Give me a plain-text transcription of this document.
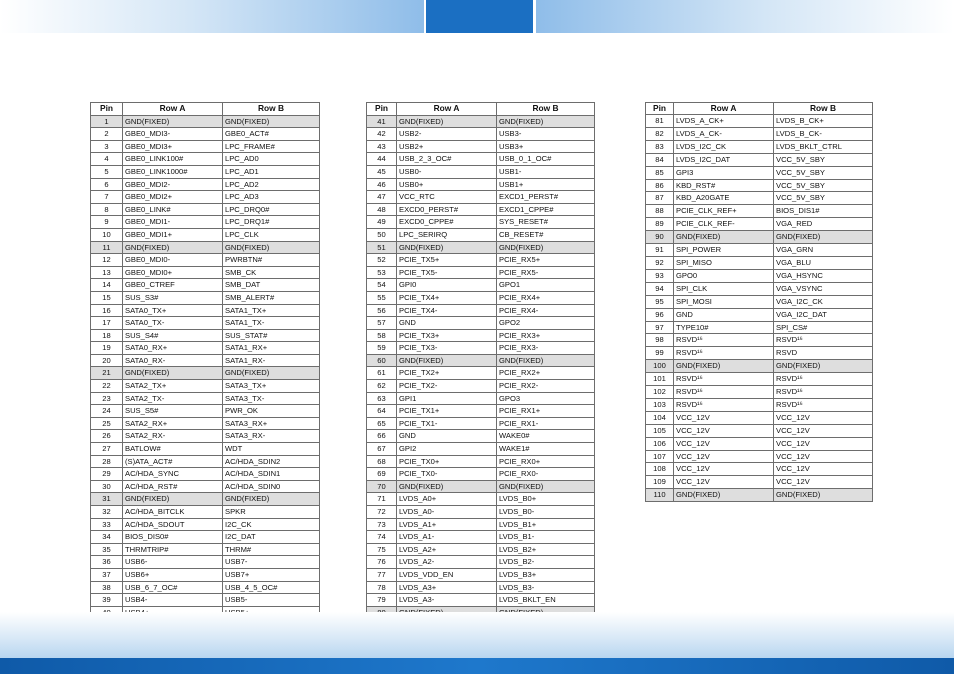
Pin	Row A	Row B
1	GND(FIXED)	GND(FIXED)
2	GBE0_MDI3-	GBE0_ACT#
3	GBE0_MDI3+	LPC_FRAME#
4	GBE0_LINK100#	LPC_AD0
5	GBE0_LINK1000#	LPC_AD1
6	GBE0_MDI2-	LPC_AD2
7	GBE0_MDI2+	LPC_AD3
8	GBE0_LINK#	LPC_DRQ0#
9	GBE0_MDI1-	LPC_DRQ1#
10	GBE0_MDI1+	LPC_CLK
11	GND(FIXED)	GND(FIXED)
12	GBE0_MDI0-	PWRBTN#
13	GBE0_MDI0+	SMB_CK
14	GBE0_CTREF	SMB_DAT
15	SUS_S3#	SMB_ALERT#
16	SATA0_TX+	SATA1_TX+
17	SATA0_TX-	SATA1_TX-
18	SUS_S4#	SUS_STAT#
19	SATA0_RX+	SATA1_RX+
20	SATA0_RX-	SATA1_RX-
21	GND(FIXED)	GND(FIXED)
22	SATA2_TX+	SATA3_TX+
23	SATA2_TX-	SATA3_TX-
24	SUS_S5#	PWR_OK
25	SATA2_RX+	SATA3_RX+
26	SATA2_RX-	SATA3_RX-
27	BATLOW#	WDT
28	(S)ATA_ACT#	AC/HDA_SDIN2
29	AC/HDA_SYNC	AC/HDA_SDIN1
30	AC/HDA_RST#	AC/HDA_SDIN0
31	GND(FIXED)	GND(FIXED)
32	AC/HDA_BITCLK	SPKR
33	AC/HDA_SDOUT	I2C_CK
34	BIOS_DIS0#	I2C_DAT
35	THRMTRIP#	THRM#
36	USB6-	USB7-
37	USB6+	USB7+
38	USB_6_7_OC#	USB_4_5_OC#
39	USB4-	USB5-

Pin	Row A	Row B
41	GND(FIXED)	GND(FIXED)
42	USB2-	USB3-
43	USB2+	USB3+
44	USB_2_3_OC#	USB_0_1_OC#
45	USB0-	USB1-
46	USB0+	USB1+
47	VCC_RTC	EXCD1_PERST#
48	EXCD0_PERST#	EXCD1_CPPE#
49	EXCD0_CPPE#	SYS_RESET#
50	LPC_SERIRQ	CB_RESET#
51	GND(FIXED)	GND(FIXED)
52	PCIE_TX5+	PCIE_RX5+
53	PCIE_TX5-	PCIE_RX5-
54	GPI0	GPO1
55	PCIE_TX4+	PCIE_RX4+
56	PCIE_TX4-	PCIE_RX4-
57	GND	GPO2
58	PCIE_TX3+	PCIE_RX3+
59	PCIE_TX3-	PCIE_RX3-
60	GND(FIXED)	GND(FIXED)
61	PCIE_TX2+	PCIE_RX2+
62	PCIE_TX2-	PCIE_RX2-
63	GPI1	GPO3
64	PCIE_TX1+	PCIE_RX1+
65	PCIE_TX1-	PCIE_RX1-
66	GND	WAKE0#
67	GPI2	WAKE1#
68	PCIE_TX0+	PCIE_RX0+
69	PCIE_TX0-	PCIE_RX0-
70	GND(FIXED)	GND(FIXED)
71	LVDS_A0+	LVDS_B0+
72	LVDS_A0-	LVDS_B0-
73	LVDS_A1+	LVDS_B1+
74	LVDS_A1-	LVDS_B1-
75	LVDS_A2+	LVDS_B2+
76	LVDS_A2-	LVDS_B2-
77	LVDS_VDD_EN	LVDS_B3+
78	LVDS_A3+	LVDS_B3-
79	LVDS_A3-	LVDS_BKLT_EN

Pin	Row A	Row B
81	LVDS_A_CK+	LVDS_B_CK+
82	LVDS_A_CK-	LVDS_B_CK-
83	LVDS_I2C_CK	LVDS_BKLT_CTRL
84	LVDS_I2C_DAT	VCC_5V_SBY
85	GPI3	VCC_5V_SBY
86	KBD_RST#	VCC_5V_SBY
87	KBD_A20GATE	VCC_5V_SBY
88	PCIE_CLK_REF+	BIOS_DIS1#
89	PCIE_CLK_REF-	VGA_RED
90	GND(FIXED)	GND(FIXED)
91	SPI_POWER	VGA_GRN
92	SPI_MISO	VGA_BLU
93	GPO0	VGA_HSYNC
94	SPI_CLK	VGA_VSYNC
95	SPI_MOSI	VGA_I2C_CK
96	GND	VGA_I2C_DAT
97	TYPE10#	SPI_CS#
98	RSVD¹⁶	RSVD¹⁶
99	RSVD¹⁶	RSVD
100	GND(FIXED)	GND(FIXED)
101	RSVD¹⁶	RSVD¹⁶
102	RSVD¹⁶	RSVD¹⁶
103	RSVD¹⁶	RSVD¹⁶
104	VCC_12V	VCC_12V
105	VCC_12V	VCC_12V
106	VCC_12V	VCC_12V
107	VCC_12V	VCC_12V
108	VCC_12V	VCC_12V
109	VCC_12V	VCC_12V
110	GND(FIXED)	GND(FIXED)
